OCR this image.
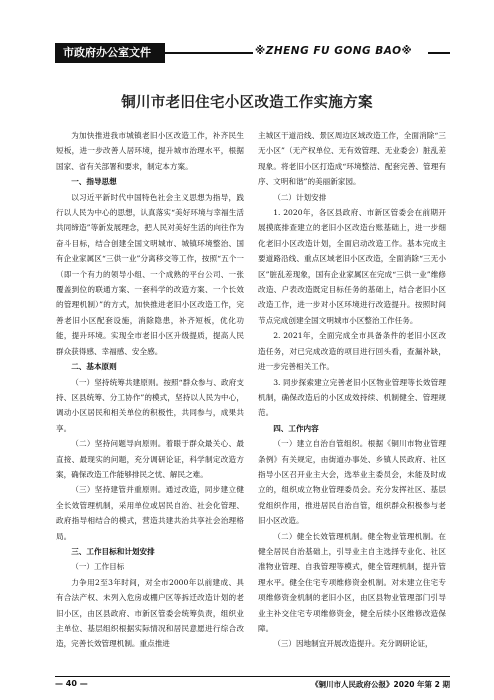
市政府办公室文件	※ZHENG FU GONG BAO※
铜川市老旧住宅小区改造工作实施方案

为加快推进我市城镇老旧小区改造工作，补齐民生短板，进一步改善人居环境，提升城市治理水平，根据国家、省有关部署和要求，制定本方案。

一、指导思想

以习近平新时代中国特色社会主义思想为指导，践行以人民为中心的思想，认真落实“美好环境与幸福生活共同缔造”等新发展理念，把人民对美好生活的向往作为奋斗目标，结合创建全国文明城市、城镇环境整治、国有企业家属区“三供一业”分离移交等工作，按照“五个一（即一个有力的领导小组、一个成熟的平台公司、一张覆盖到位的联通方案、一套科学的改造方案、一个长效的管理机制）”的方式，加快推进老旧小区改造工作，完善老旧小区配套设施，消除隐患，补齐短板，优化功能，提升环境。实现全市老旧小区升级提质，提高人民群众获得感、幸福感、安全感。

二、基本原则

（一）坚持统筹共建原则。按照“群众参与、政府支持、区县统筹、分工协作”的模式，坚持以人民为中心，调动小区居民和相关单位的积极性，共同参与，成果共享。

（二）坚持问题导向原则。着眼于群众最关心、最直接、最现实的问题，充分调研论证，科学制定改造方案，确保改造工作能够排民之忧、解民之难。

（三）坚持建管并重原则。通过改造，同步建立健全长效管理机制，采用单位或居民自治、社会化管理、政府指导相结合的模式，营造共建共治共享社会治理格局。

三、工作目标和计划安排

（一）工作目标

力争用2至3年时间，对全市2000年以前建成、具有合法产权、未列入危房或棚户区等拆迁改造计划的老旧小区，由区县政府、市新区管委会统筹负责，组织业主单位、基层组织根据实际情况和居民意愿进行综合改造，完善长效管理机制。重点推进

主城区干道沿线、景区周边区域改造工作，全面消除“三无小区”（无产权单位、无有效管理、无业委会）脏乱差现象。将老旧小区打造成“环境整洁、配套完善、管理有序、文明和谐”的美丽新家园。

（二）计划安排

1. 2020年，各区县政府、市新区管委会在前期开展摸底排查建立的老旧小区改造台账基础上，进一步细化老旧小区改造计划，全面启动改造工作。基本完成主要道路沿线、重点区域老旧小区改造，全面消除“三无小区”脏乱差现象，国有企业家属区在完成“三供一业”维修改造、户表改造既定目标任务的基础上，结合老旧小区改造工作，进一步对小区环境进行改造提升。按照时间节点完成创建全国文明城市小区整治工作任务。

2. 2021年，全面完成全市具备条件的老旧小区改造任务，对已完成改造的项目进行回头看，查漏补缺，进一步完善相关工作。

3. 同步探索建立完善老旧小区物业管理等长效管理机制，确保改造后的小区成效持续、机制健全、管理规范。

四、工作内容

（一）建立自治自管组织。根据《铜川市物业管理条例》有关规定，由街道办事处、乡镇人民政府、社区指导小区召开业主大会，选举业主委员会，未能及时成立的，组织成立物业管理委员会。充分发挥社区、基层党组织作用，推进居民自治自管，组织群众积极参与老旧小区改造。

（二）健全长效管理机制。健全物业管理机制。在健全居民自治基础上，引导业主自主选择专业化、社区准物业管理、自我管理等模式，健全管理机制，提升管理水平。健全住宅专项维修资金机制。对未建立住宅专项维修资金机制的老旧小区，由区县物业管理部门引导业主补交住宅专项维修资金，健全后续小区维修改造保障。

（三）因地制宜开展改造提升。充分调研论证，

— 40 —	《铜川市人民政府公报》2020 年第 2 期
